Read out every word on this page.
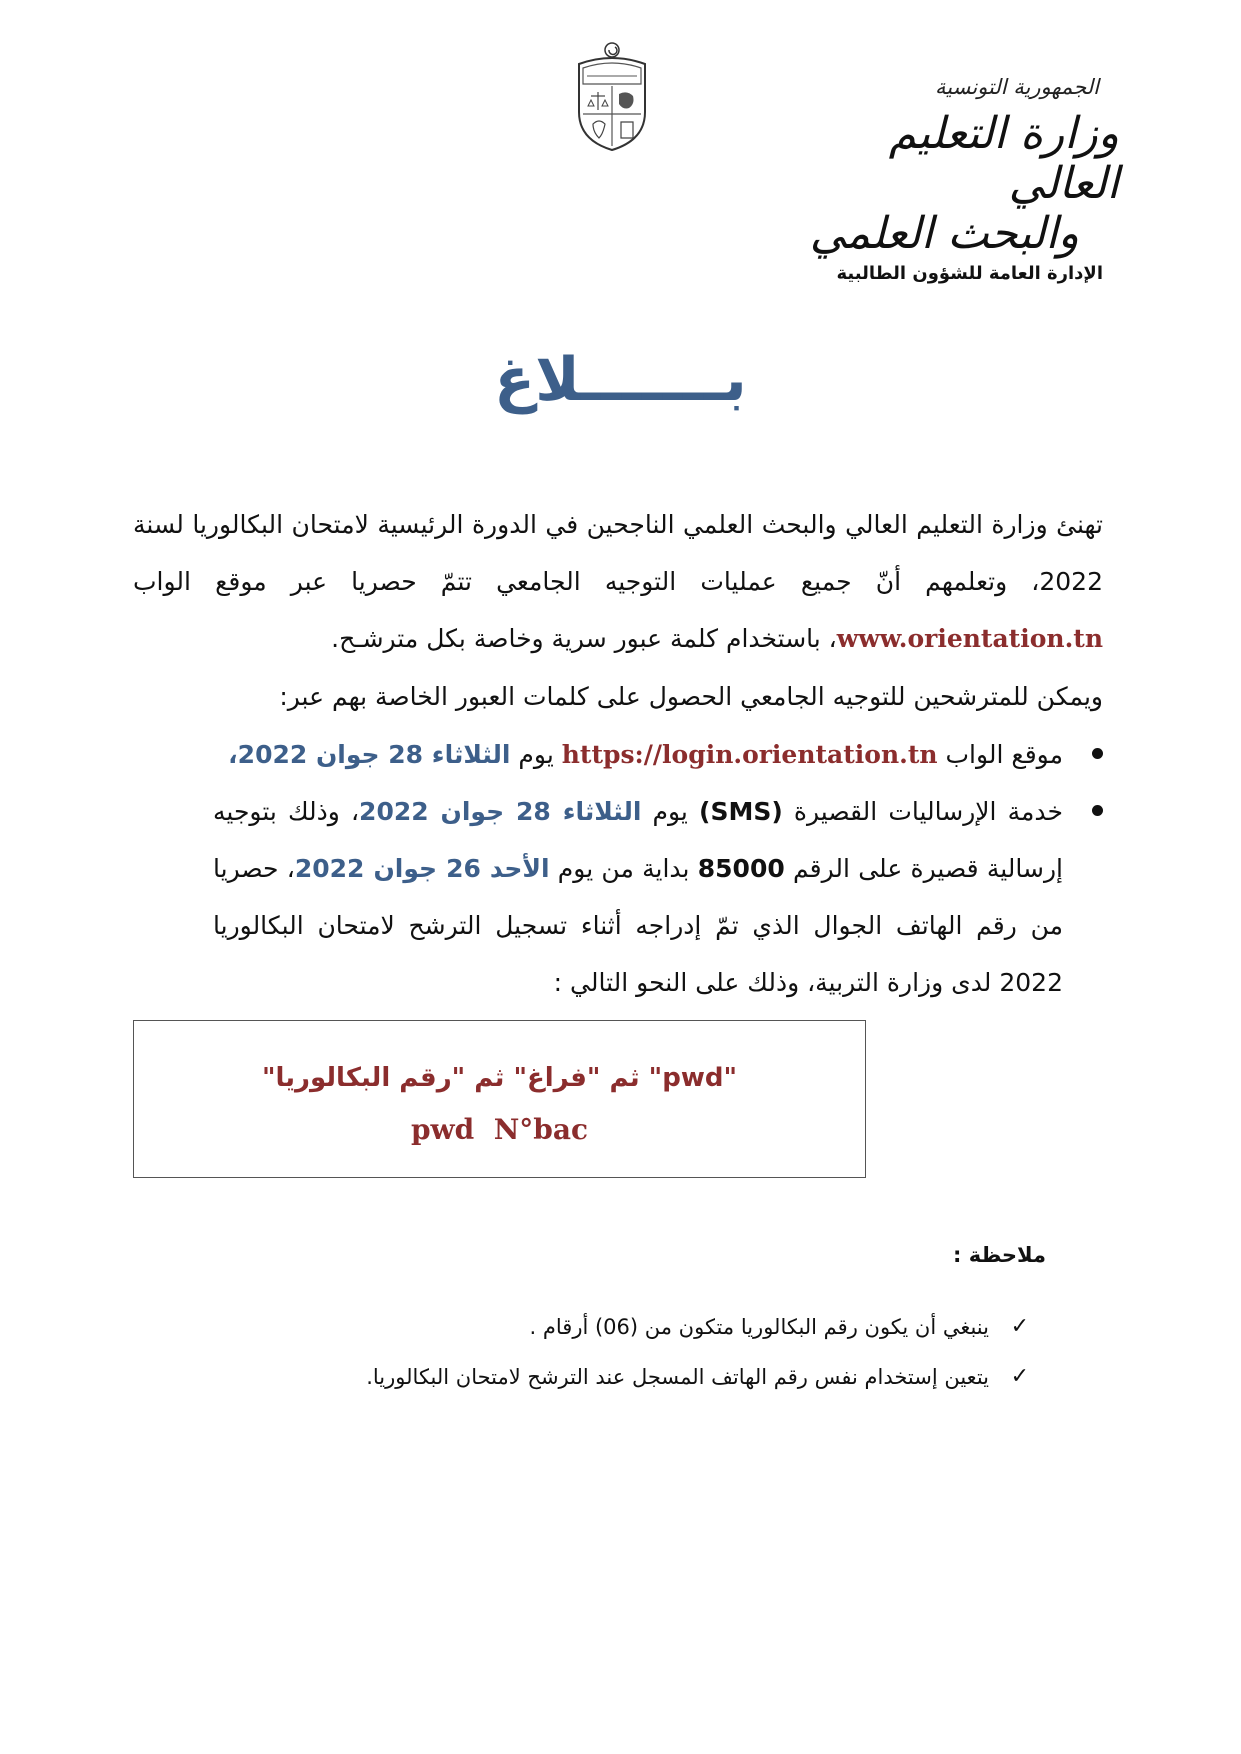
الجمهورية التونسية
وزارة التعليم العالي
والبحث العلمي
الإدارة العامة للشؤون الطالبية
بـــــــلاغ
تهنئ وزارة التعليم العالي والبحث العلمي الناجحين في الدورة الرئيسية لامتحان البكالوريا لسنة 2022، وتعلمهم أنّ جميع عمليات التوجيه الجامعي تتمّ حصريا عبر موقع الواب www.orientation.tn، باستخدام كلمة عبور سرية وخاصة بكل مترشـح.
ويمكن للمترشحين للتوجيه الجامعي الحصول على كلمات العبور الخاصة بهم عبر:
موقع الواب https://login.orientation.tn يوم الثلاثاء 28 جوان 2022،
خدمة الإرساليات القصيرة (SMS) يوم الثلاثاء 28 جوان 2022، وذلك بتوجيه إرسالية قصيرة على الرقم 85000 بداية من يوم الأحد 26 جوان 2022، حصريا من رقم الهاتف الجوال الذي تمّ إدراجه أثناء تسجيل الترشح لامتحان البكالوريا 2022 لدى وزارة التربية، وذلك على النحو التالي :
"pwd" ثم "فراغ" ثم "رقم البكالوريا"
pwd  N°bac
ملاحظة :
✓
ينبغي أن يكون رقم البكالوريا متكون من (06) أرقام .
✓
يتعين إستخدام نفس رقم الهاتف المسجل عند الترشح لامتحان البكالوريا.
